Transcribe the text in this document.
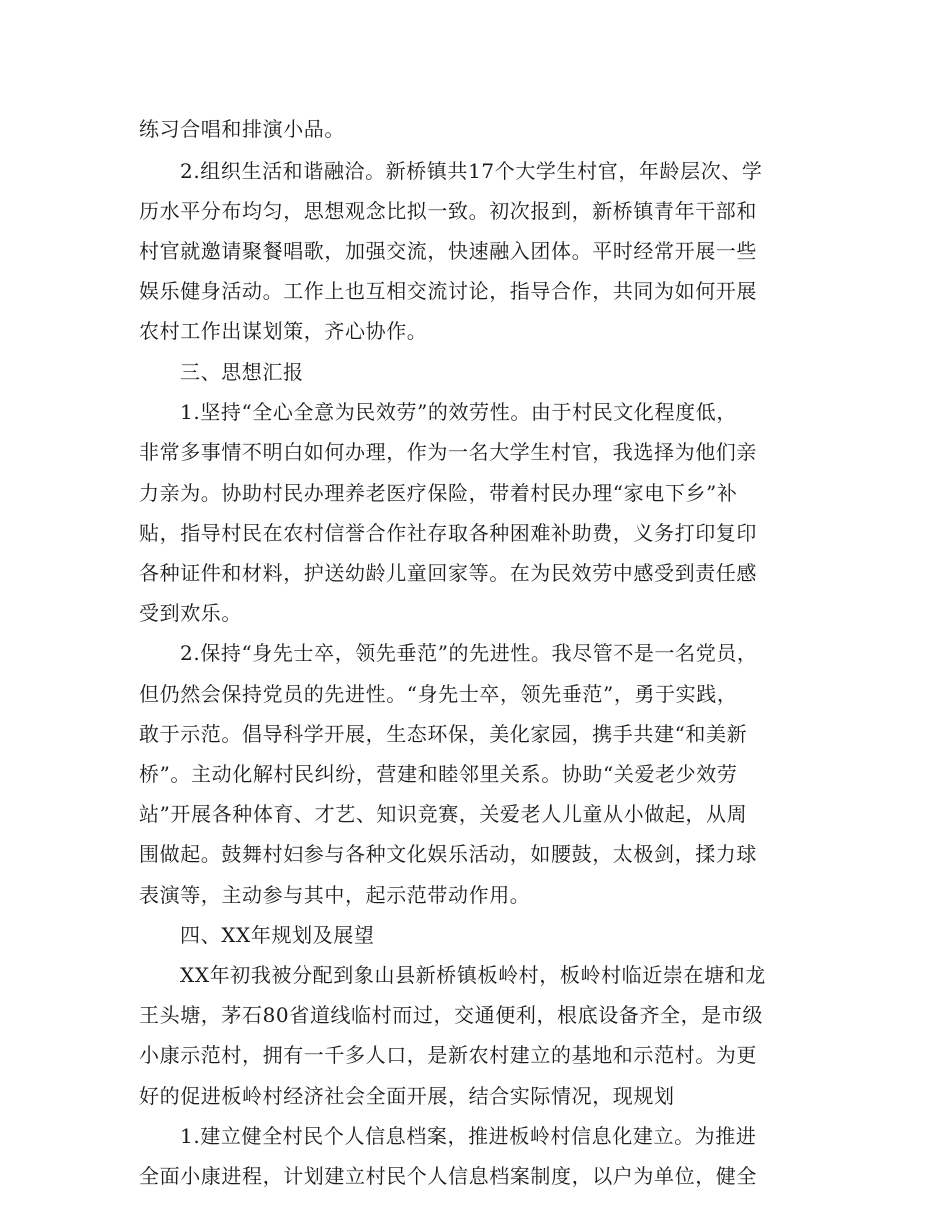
练习合唱和排演小品。
2.组织生活和谐融洽。新桥镇共17个大学生村官，年龄层次、学
历水平分布均匀，思想观念比拟一致。初次报到，新桥镇青年干部和
村官就邀请聚餐唱歌，加强交流，快速融入团体。平时经常开展一些
娱乐健身活动。工作上也互相交流讨论，指导合作，共同为如何开展
农村工作出谋划策，齐心协作。
三、思想汇报
1.坚持“全心全意为民效劳”的效劳性。由于村民文化程度低，
非常多事情不明白如何办理，作为一名大学生村官，我选择为他们亲
力亲为。协助村民办理养老医疗保险，带着村民办理“家电下乡”补
贴，指导村民在农村信誉合作社存取各种困难补助费，义务打印复印
各种证件和材料，护送幼龄儿童回家等。在为民效劳中感受到责任感
受到欢乐。
2.保持“身先士卒，领先垂范”的先进性。我尽管不是一名党员，
但仍然会保持党员的先进性。“身先士卒，领先垂范”，勇于实践，
敢于示范。倡导科学开展，生态环保，美化家园，携手共建“和美新
桥”。主动化解村民纠纷，营建和睦邻里关系。协助“关爱老少效劳
站”开展各种体育、才艺、知识竞赛，关爱老人儿童从小做起，从周
围做起。鼓舞村妇参与各种文化娱乐活动，如腰鼓，太极剑，揉力球
表演等，主动参与其中，起示范带动作用。
四、XX年规划及展望
XX年初我被分配到象山县新桥镇板岭村，板岭村临近崇在塘和龙
王头塘，茅石80省道线临村而过，交通便利，根底设备齐全，是市级
小康示范村，拥有一千多人口，是新农村建立的基地和示范村。为更
好的促进板岭村经济社会全面开展，结合实际情况，现规划
1.建立健全村民个人信息档案，推进板岭村信息化建立。为推进
全面小康进程，计划建立村民个人信息档案制度，以户为单位，健全
